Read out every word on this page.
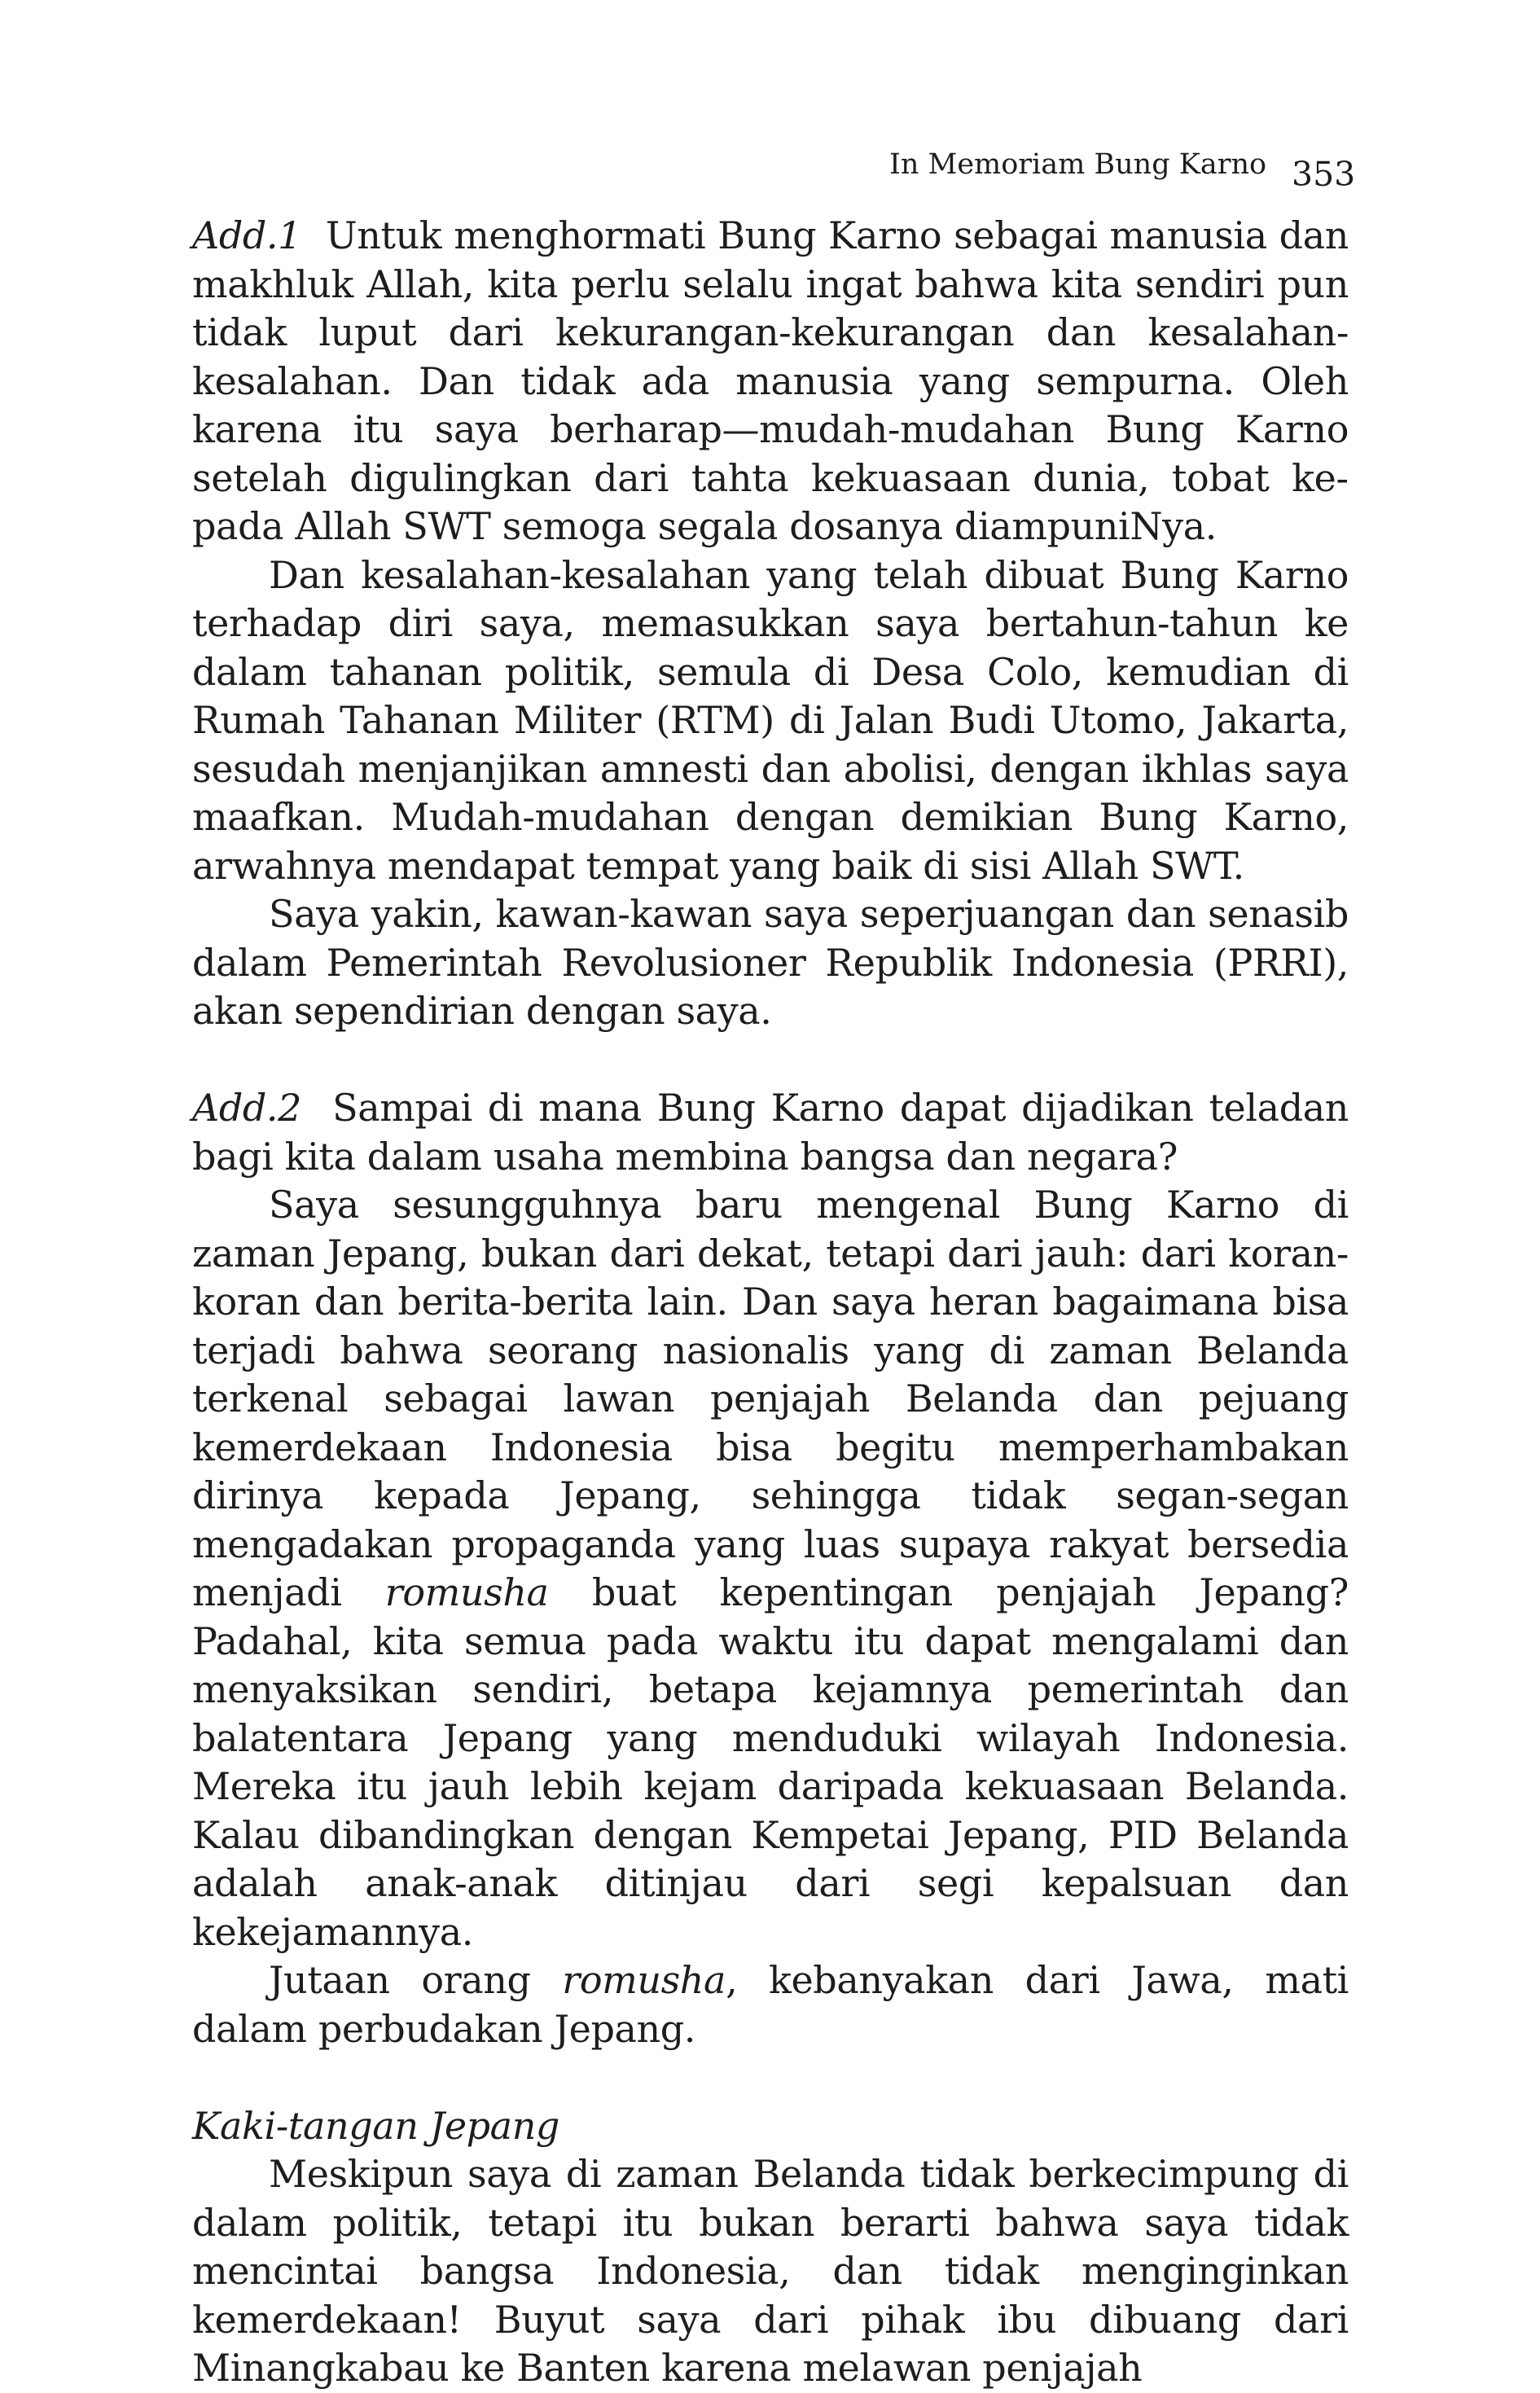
In Memoriam Bung Karno 353

Add.1 Untuk menghormati Bung Karno sebagai manusia dan makhluk Allah, kita perlu selalu ingat bahwa kita sendiri pun tidak luput dari kekurangan-kekurangan dan kesalahan-kesalahan. Dan tidak ada manusia yang sempurna. Oleh karena itu saya berharap—mudah-mudahan Bung Karno setelah digulingkan dari tahta kekuasaan dunia, tobat kepada Allah SWT semoga segala dosanya diampuniNya.

Dan kesalahan-kesalahan yang telah dibuat Bung Karno terhadap diri saya, memasukkan saya bertahun-tahun ke dalam tahanan politik, semula di Desa Colo, kemudian di Rumah Tahanan Militer (RTM) di Jalan Budi Utomo, Jakarta, sesudah menjanjikan amnesti dan abolisi, dengan ikhlas saya maafkan. Mudah-mudahan dengan demikian Bung Karno, arwahnya mendapat tempat yang baik di sisi Allah SWT.

Saya yakin, kawan-kawan saya seperjuangan dan senasib dalam Pemerintah Revolusioner Republik Indonesia (PRRI), akan sependirian dengan saya.

Add.2 Sampai di mana Bung Karno dapat dijadikan teladan bagi kita dalam usaha membina bangsa dan negara?

Saya sesungguhnya baru mengenal Bung Karno di zaman Jepang, bukan dari dekat, tetapi dari jauh: dari koran-koran dan berita-berita lain. Dan saya heran bagaimana bisa terjadi bahwa seorang nasionalis yang di zaman Belanda terkenal sebagai lawan penjajah Belanda dan pejuang kemerdekaan Indonesia bisa begitu memperhambakan dirinya kepada Jepang, sehingga tidak segan-segan mengadakan propaganda yang luas supaya rakyat bersedia menjadi romusha buat kepentingan penjajah Jepang? Padahal, kita semua pada waktu itu dapat mengalami dan menyaksikan sendiri, betapa kejamnya pemerintah dan balatentara Jepang yang menduduki wilayah Indonesia. Mereka itu jauh lebih kejam daripada kekuasaan Belanda. Kalau dibandingkan dengan Kempetai Jepang, PID Belanda adalah anak-anak ditinjau dari segi kepalsuan dan kekejamannya.

Jutaan orang romusha, kebanyakan dari Jawa, mati dalam perbudakan Jepang.

Kaki-tangan Jepang

Meskipun saya di zaman Belanda tidak berkecimpung di dalam politik, tetapi itu bukan berarti bahwa saya tidak mencintai bangsa Indonesia, dan tidak menginginkan kemerdekaan! Buyut saya dari pihak ibu dibuang dari Minangkabau ke Banten karena melawan penjajah
